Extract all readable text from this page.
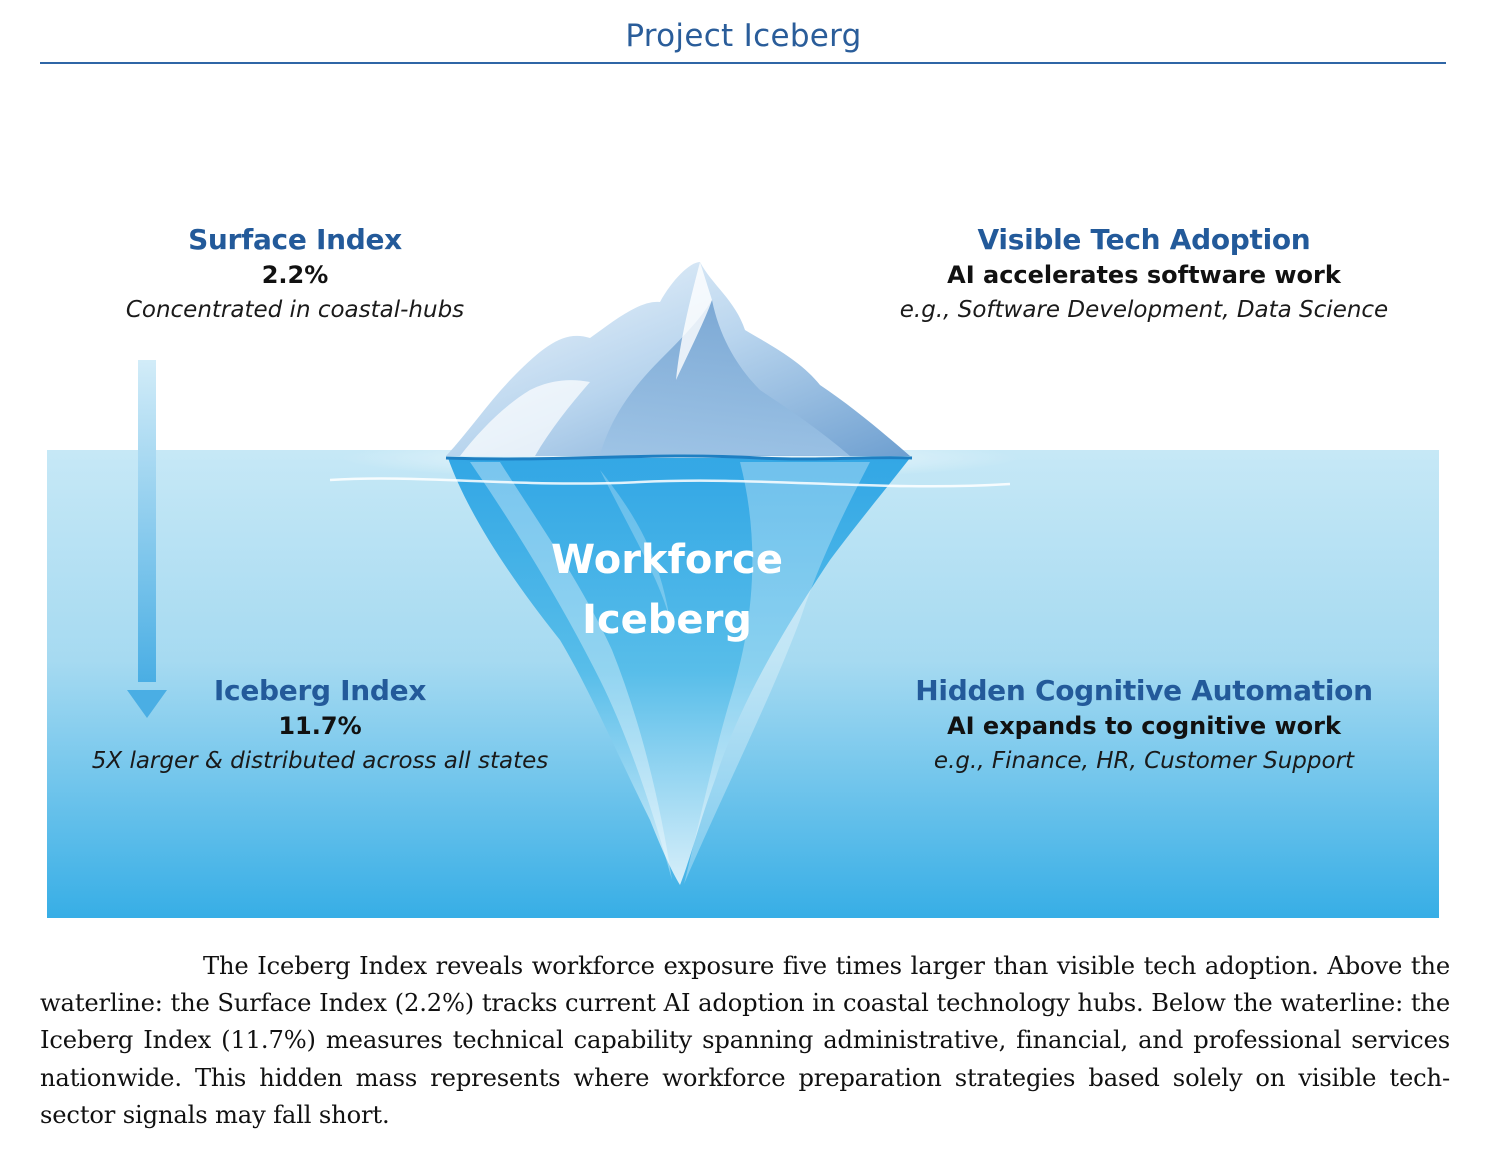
Project Iceberg
Workforce
Iceberg
Surface Index
2.2%
Concentrated in coastal-hubs
Iceberg Index
11.7%
5X larger & distributed across all states
Visible Tech Adoption
AI accelerates software work
e.g., Software Development, Data Science
Hidden Cognitive Automation
AI expands to cognitive work
e.g., Finance, HR, Customer Support
The Iceberg Index reveals workforce exposure five times larger than visible tech adoption. Above the waterline: the Surface Index (2.2%) tracks current AI adoption in coastal technology hubs. Below the waterline: the Iceberg Index (11.7%) measures technical capability spanning administrative, financial, and professional services nationwide. This hidden mass represents where workforce preparation strategies based solely on visible tech-sector signals may fall short.
